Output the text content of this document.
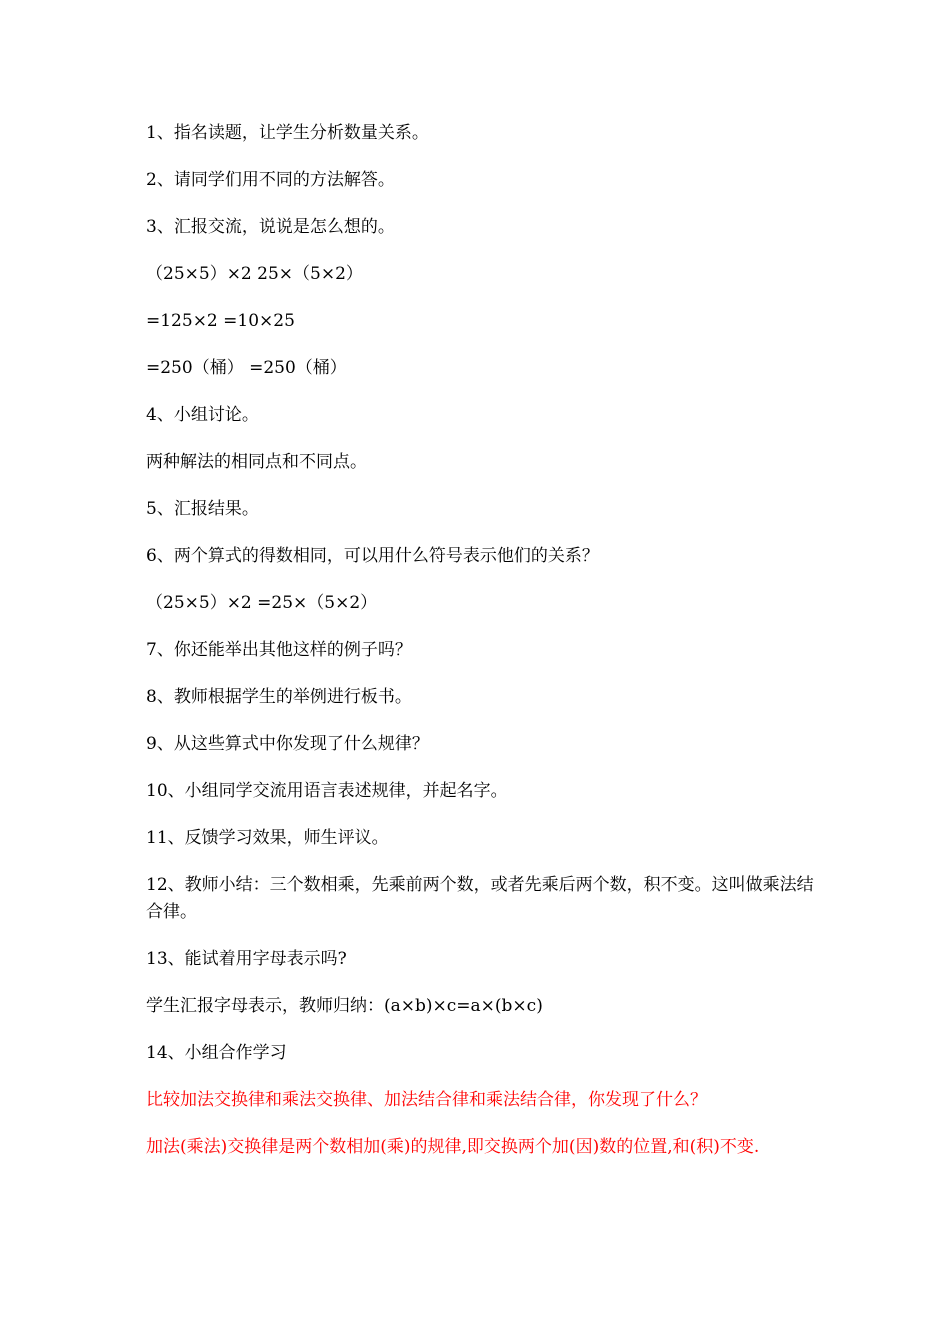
1、指名读题，让学生分析数量关系。

2、请同学们用不同的方法解答。

3、汇报交流，说说是怎么想的。

（25×5）×2 25×（5×2）

=125×2 =10×25

=250（桶） =250（桶）

4、小组讨论。

两种解法的相同点和不同点。

5、汇报结果。

6、两个算式的得数相同，可以用什么符号表示他们的关系？

（25×5）×2 =25×（5×2）

7、你还能举出其他这样的例子吗？

8、教师根据学生的举例进行板书。

9、从这些算式中你发现了什么规律？

10、小组同学交流用语言表述规律，并起名字。

11、反馈学习效果，师生评议。

12、教师小结：三个数相乘，先乘前两个数，或者先乘后两个数，积不变。这叫做乘法结合律。

13、能试着用字母表示吗?

学生汇报字母表示，教师归纳：(a×b)×c=a×(b×c)

14、小组合作学习

比较加法交换律和乘法交换律、加法结合律和乘法结合律，你发现了什么？

加法(乘法)交换律是两个数相加(乘)的规律,即交换两个加(因)数的位置,和(积)不变.
